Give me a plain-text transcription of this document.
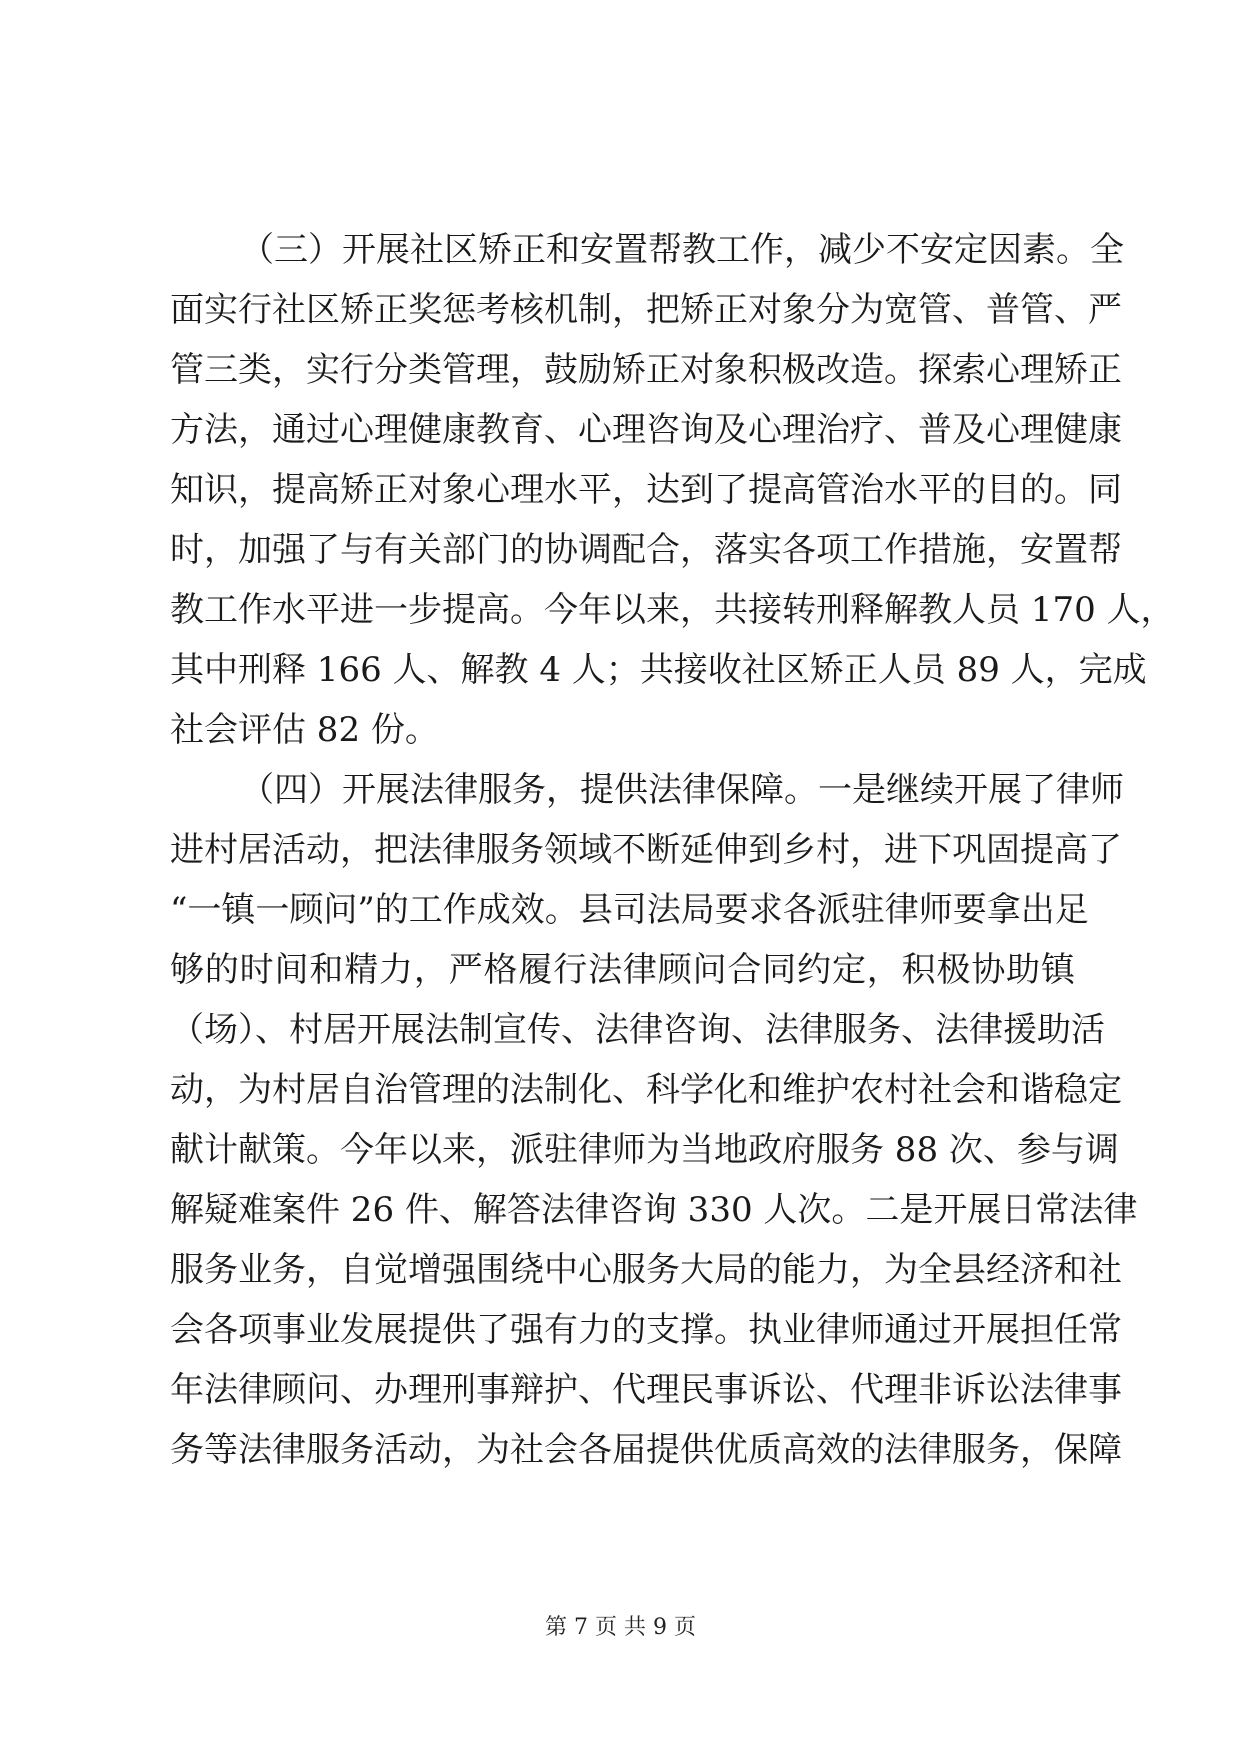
（三）开展社区矫正和安置帮教工作，减少不安定因素。全
面实行社区矫正奖惩考核机制，把矫正对象分为宽管、普管、严
管三类，实行分类管理，鼓励矫正对象积极改造。探索心理矫正
方法，通过心理健康教育、心理咨询及心理治疗、普及心理健康
知识，提高矫正对象心理水平，达到了提高管治水平的目的。同
时，加强了与有关部门的协调配合，落实各项工作措施，安置帮
教工作水平进一步提高。今年以来，共接转刑释解教人员 170 人，
其中刑释 166 人、解教 4 人；共接收社区矫正人员 89 人，完成
社会评估 82 份。
（四）开展法律服务，提供法律保障。一是继续开展了律师
进村居活动，把法律服务领域不断延伸到乡村，进下巩固提高了
“一镇一顾问”的工作成效。县司法局要求各派驻律师要拿出足
够的时间和精力，严格履行法律顾问合同约定，积极协助镇
（场）、村居开展法制宣传、法律咨询、法律服务、法律援助活
动，为村居自治管理的法制化、科学化和维护农村社会和谐稳定
献计献策。今年以来，派驻律师为当地政府服务 88 次、参与调
解疑难案件 26 件、解答法律咨询 330 人次。二是开展日常法律
服务业务，自觉增强围绕中心服务大局的能力，为全县经济和社
会各项事业发展提供了强有力的支撑。执业律师通过开展担任常
年法律顾问、办理刑事辩护、代理民事诉讼、代理非诉讼法律事
务等法律服务活动，为社会各届提供优质高效的法律服务，保障
第 7 页 共 9 页
